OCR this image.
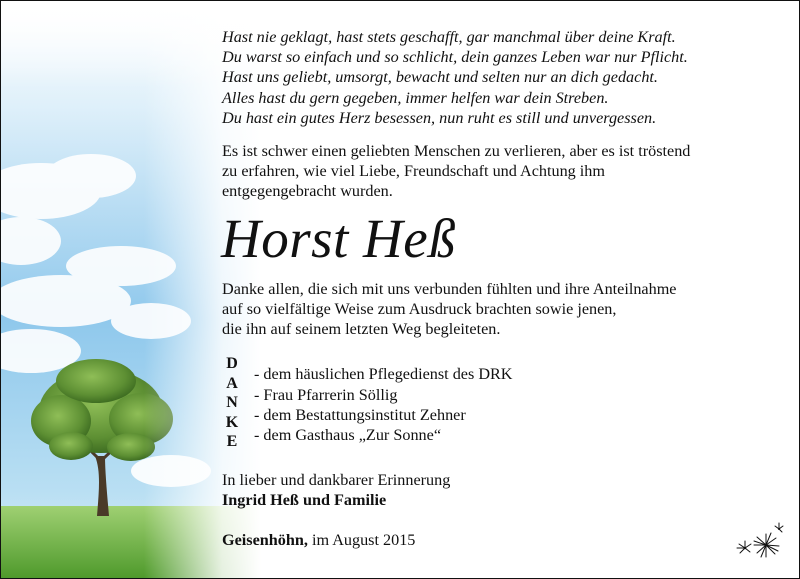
Hast nie geklagt, hast stets geschafft, gar manchmal über deine Kraft.
Du warst so einfach und so schlicht, dein ganzes Leben war nur Pflicht.
Hast uns geliebt, umsorgt, bewacht und selten nur an dich gedacht.
Alles hast du gern gegeben, immer helfen war dein Streben.
Du hast ein gutes Herz besessen, nun ruht es still und unvergessen.
Es ist schwer einen geliebten Menschen zu verlieren, aber es ist tröstend
zu erfahren, wie viel Liebe, Freundschaft und Achtung ihm
entgegengebracht wurden.
Horst Heß
Danke allen, die sich mit uns verbunden fühlten und ihre Anteilnahme
auf so vielfältige Weise zum Ausdruck brachten sowie jenen,
die ihn auf seinem letzten Weg begleiteten.
D
A
N
K
E
- dem häuslichen Pflegedienst des DRK
- Frau Pfarrerin Söllig
- dem Bestattungsinstitut Zehner
- dem Gasthaus „Zur Sonne“
In lieber und dankbarer Erinnerung
Ingrid Heß und Familie
Geisenhöhn, im August 2015
